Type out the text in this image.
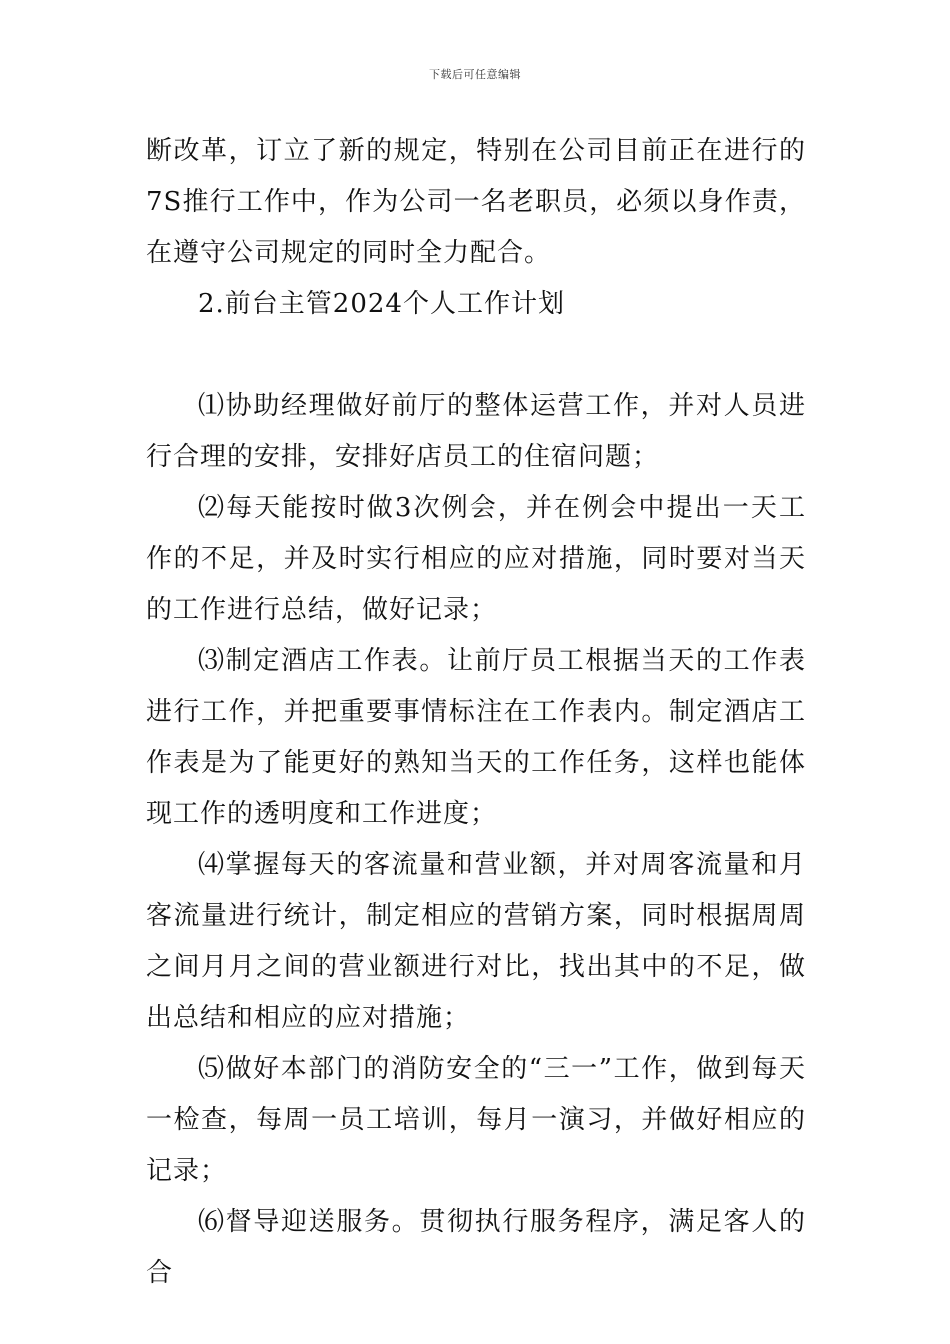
下载后可任意编辑

断改革，订立了新的规定，特别在公司目前正在进行的7S推行工作中，作为公司一名老职员，必须以身作责，在遵守公司规定的同时全力配合。

2.前台主管2024个人工作计划

⑴协助经理做好前厅的整体运营工作，并对人员进行合理的安排，安排好店员工的住宿问题；

⑵每天能按时做3次例会，并在例会中提出一天工作的不足，并及时实行相应的应对措施，同时要对当天的工作进行总结，做好记录；

⑶制定酒店工作表。让前厅员工根据当天的工作表进行工作，并把重要事情标注在工作表内。制定酒店工作表是为了能更好的熟知当天的工作任务，这样也能体现工作的透明度和工作进度；

⑷掌握每天的客流量和营业额，并对周客流量和月客流量进行统计，制定相应的营销方案，同时根据周周之间月月之间的营业额进行对比，找出其中的不足，做出总结和相应的应对措施；

⑸做好本部门的消防安全的“三一”工作，做到每天一检查，每周一员工培训，每月一演习，并做好相应的记录；

⑹督导迎送服务。贯彻执行服务程序，满足客人的合
